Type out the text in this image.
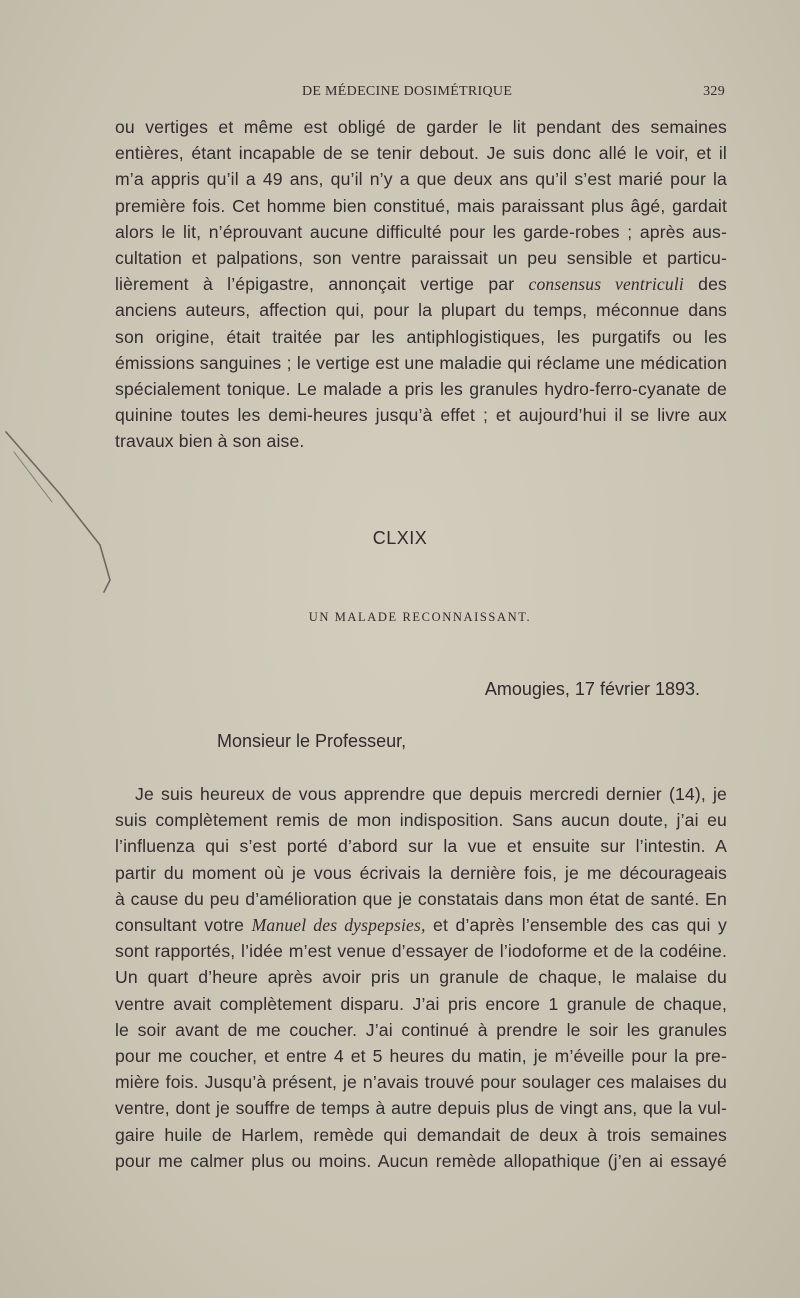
DE MÉDECINE DOSIMÉTRIQUE	329
ou vertiges et même est obligé de garder le lit pendant des semaines
entières, étant incapable de se tenir debout. Je suis donc allé le voir, et il
m’a appris qu’il a 49 ans, qu’il n’y a que deux ans qu’il s’est marié pour la
première fois. Cet homme bien constitué, mais paraissant plus âgé, gardait
alors le lit, n’éprouvant aucune difficulté pour les garde-robes ; après aus-
cultation et palpations, son ventre paraissait un peu sensible et particu-
lièrement à l’épigastre, annonçait vertige par consensus ventriculi des
anciens auteurs, affection qui, pour la plupart du temps, méconnue dans
son origine, était traitée par les antiphlogistiques, les purgatifs ou les
émissions sanguines ; le vertige est une maladie qui réclame une médication
spécialement tonique. Le malade a pris les granules hydro-ferro-cyanate de
quinine toutes les demi-heures jusqu’à effet ; et aujourd’hui il se livre aux
travaux bien à son aise.
CLXIX
UN MALADE RECONNAISSANT.
Amougies, 17 février 1893.
Monsieur le Professeur,
Je suis heureux de vous apprendre que depuis mercredi dernier (14), je
suis complètement remis de mon indisposition. Sans aucun doute, j’ai eu
l’influenza qui s’est porté d’abord sur la vue et ensuite sur l’intestin. A
partir du moment où je vous écrivais la dernière fois, je me décourageais
à cause du peu d’amélioration que je constatais dans mon état de santé. En
consultant votre Manuel des dyspepsies, et d’après l’ensemble des cas qui y
sont rapportés, l’idée m’est venue d’essayer de l’iodoforme et de la codéine.
Un quart d’heure après avoir pris un granule de chaque, le malaise du
ventre avait complètement disparu. J’ai pris encore 1 granule de chaque,
le soir avant de me coucher. J’ai continué à prendre le soir les granules
pour me coucher, et entre 4 et 5 heures du matin, je m’éveille pour la pre-
mière fois. Jusqu’à présent, je n’avais trouvé pour soulager ces malaises du
ventre, dont je souffre de temps à autre depuis plus de vingt ans, que la vul-
gaire huile de Harlem, remède qui demandait de deux à trois semaines
pour me calmer plus ou moins. Aucun remède allopathique (j’en ai essayé
